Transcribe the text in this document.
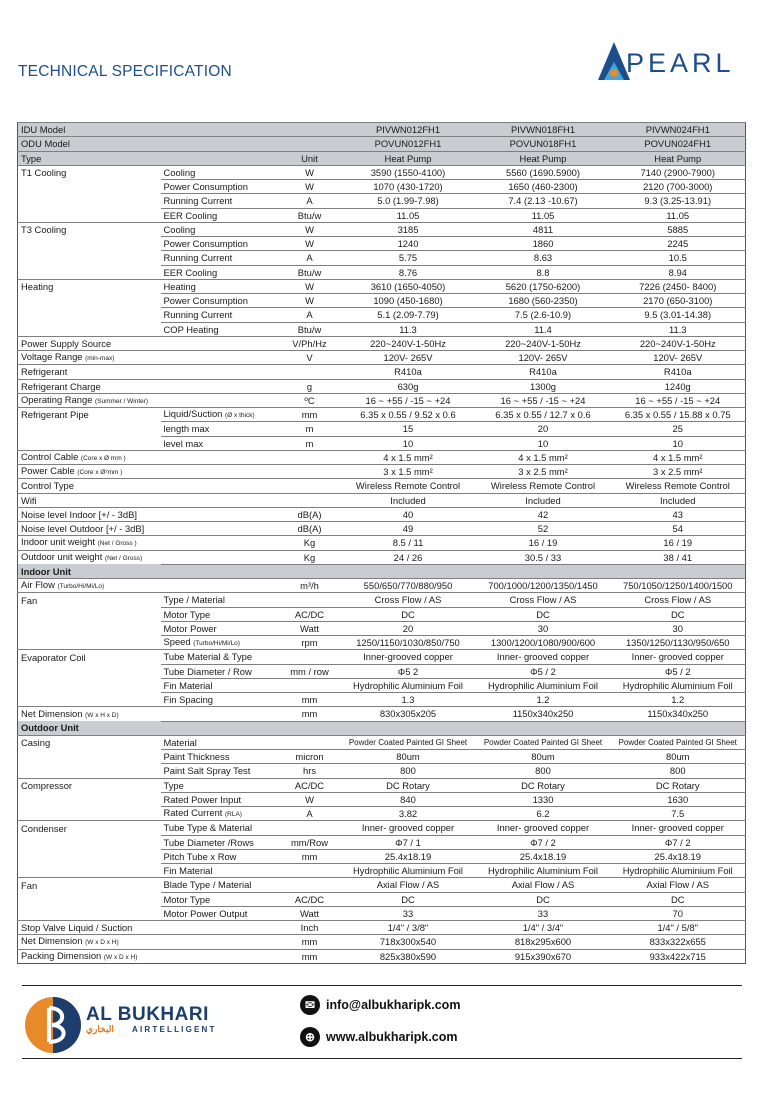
TECHNICAL SPECIFICATION	PEARL
IDU Model			PIVWN012FH1	PIVWN018FH1	PIVWN024FH1
ODU Model			POVUN012FH1	POVUN018FH1	POVUN024FH1
Type		Unit	Heat Pump	Heat Pump	Heat Pump
T1 Cooling	Cooling	W	3590 (1550-4100)	5560 (1690.5900)	7140 (2900-7900)
	Power Consumption	W	1070 (430-1720)	1650 (460-2300)	2120 (700-3000)
	Running Current	A	5.0 (1.99-7.98)	7.4 (2.13 -10.67)	9.3 (3.25-13.91)
	EER Cooling	Btu/w	11.05	11.05	11.05
T3 Cooling	Cooling	W	3185	4811	5885
	Power Consumption	W	1240	1860	2245
	Running Current	A	5.75	8.63	10.5
	EER Cooling	Btu/w	8.76	8.8	8.94
Heating	Heating	W	3610 (1650-4050)	5620 (1750-6200)	7226 (2450- 8400)
	Power Consumption	W	1090 (450-1680)	1680 (560-2350)	2170 (650-3100)
	Running Current	A	5.1 (2.09-7.79)	7.5 (2.6-10.9)	9.5 (3.01-14.38)
	COP Heating	Btu/w	11.3	11.4	11.3
Power Supply Source		V/Ph/Hz	220~240V-1-50Hz	220~240V-1-50Hz	220~240V-1-50Hz
Voltage Range (min-max)		V	120V- 265V	120V- 265V	120V- 265V
Refrigerant			R410a	R410a	R410a
Refrigerant Charge		g	630g	1300g	1240g
Operating Range (Summer / Winter)		ºC	16 ~ +55 / -15 ~ +24	16 ~ +55 / -15 ~ +24	16 ~ +55 / -15 ~ +24
Refrigerant Pipe	Liquid/Suction (Ø x thick)	mm	6.35 x 0.55 / 9.52 x 0.6	6.35 x 0.55 / 12.7 x 0.6	6.35 x 0.55 / 15.88 x 0.75
	length max	m	15	20	25
	level max	m	10	10	10
Control Cable (Core x Ø mm )			4 x 1.5 mm²	4 x 1.5 mm²	4 x 1.5 mm²
Power Cable (Core x Ø²mm )			3 x 1.5 mm²	3 x 2.5 mm²	3 x 2.5 mm²
Control Type			Wireless Remote Control	Wireless Remote Control	Wireless Remote Control
Wifi			Included	Included	Included
Noise level Indoor [+/ - 3dB]		dB(A)	40	42	43
Noise level Outdoor [+/ - 3dB]		dB(A)	49	52	54
Indoor unit weight (Net / Gross )		Kg	8.5 / 11	16 / 19	16 / 19
Outdoor unit weight (Net / Gross)		Kg	24 / 26	30.5 / 33	38 / 41
Indoor Unit					
Air Flow (Turbo/Hi/Mi/Lo)		m³/h	550/650/770/880/950	700/1000/1200/1350/1450	750/1050/1250/1400/1500
Fan	Type / Material		Cross Flow / AS	Cross Flow / AS	Cross Flow / AS
	Motor Type	AC/DC	DC	DC	DC
	Motor Power	Watt	20	30	30
	Speed (Turbo/Hi/Mi/Lo)	rpm	1250/1150/1030/850/750	1300/1200/1080/900/600	1350/1250/1130/950/650
Evaporator Coil	Tube Material & Type		Inner-grooved copper	Inner- grooved copper	Inner- grooved copper
	Tube Diameter / Row	mm / row	Φ5 2	Φ5 / 2	Φ5 / 2
	Fin Material		Hydrophilic Aluminium Foil	Hydrophilic Aluminium Foil	Hydrophilic Aluminium Foil
	Fin Spacing	mm	1.3	1.2	1.2
Net Dimension (W x H x D)		mm	830x305x205	1150x340x250	1150x340x250
Outdoor Unit					
Casing	Material		Powder Coated Painted GI Sheet	Powder Coated Painted GI Sheet	Powder Coated Painted GI Sheet
	Paint Thickness	micron	80um	80um	80um
	Paint Salt Spray Test	hrs	800	800	800
Compressor	Type	AC/DC	DC Rotary	DC Rotary	DC Rotary
	Rated Power Input	W	840	1330	1630
	Rated Current (RLA)	A	3.82	6.2	7.5
Condenser	Tube Type & Material		Inner- grooved copper	Inner- grooved copper	Inner- grooved copper
	Tube Diameter /Rows	mm/Row	Φ7 / 1	Φ7 / 2	Φ7 / 2
	Pitch Tube x Row	mm	25.4x18.19	25.4x18.19	25.4x18.19
	Fin Material		Hydrophilic Aluminium Foil	Hydrophilic Aluminium Foil	Hydrophilic Aluminium Foil
Fan	Blade Type / Material		Axial Flow / AS	Axial Flow / AS	Axial Flow / AS
	Motor Type	AC/DC	DC	DC	DC
	Motor Power Output	Watt	33	33	70
Stop Valve Liquid / Suction		Inch	1/4" / 3/8"	1/4" / 3/4"	1/4" / 5/8"
Net Dimension (W x D x H)		mm	718x300x540	818x295x600	833x322x655
Packing Dimension (W x D x H)		mm	825x380x590	915x390x670	933x422x715
AL BUKHARI
البخاري AIRTELLIGENT
✉ info@albukharipk.com
⊕ www.albukharipk.com
